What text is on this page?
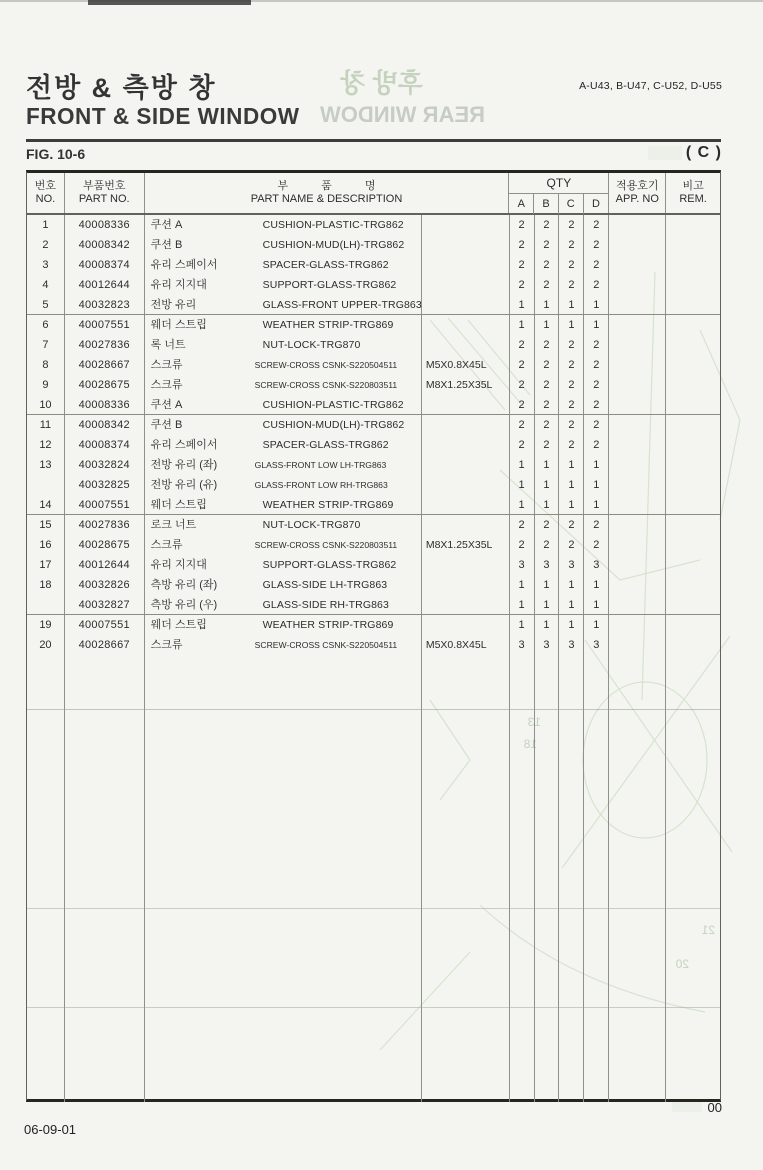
후방 창
REAR WINDOW
21
20
13
18
전방 & 측방 창	A-U43, B-U47, C-U52, D-U55
FRONT & SIDE WINDOW
FIG. 10-6	( C )
번호
NO.
부품번호
PART NO.
부 품 명
PART NAME & DESCRIPTION
QTY
A	B	C	D
적용호기
APP. NO
비고
REM.
1	40008336	쿠션 A	CUSHION-PLASTIC-TRG862	2	2	2	2
2	40008342	쿠션 B	CUSHION-MUD(LH)-TRG862	2	2	2	2
3	40008374	유리 스페이서	SPACER-GLASS-TRG862	2	2	2	2
4	40012644	유리 지지대	SUPPORT-GLASS-TRG862	2	2	2	2
5	40032823	전방 유리	GLASS-FRONT UPPER-TRG863	1	1	1	1
6	40007551	웨더 스트립	WEATHER STRIP-TRG869	1	1	1	1
7	40027836	록 너트	NUT-LOCK-TRG870	2	2	2	2
8	40028667	스크류	SCREW-CROSS CSNK-S220504511	M5X0.8X45L	2	2	2	2
9	40028675	스크류	SCREW-CROSS CSNK-S220803511	M8X1.25X35L	2	2	2	2
10	40008336	쿠션 A	CUSHION-PLASTIC-TRG862	2	2	2	2
11	40008342	쿠션 B	CUSHION-MUD(LH)-TRG862	2	2	2	2
12	40008374	유리 스페이서	SPACER-GLASS-TRG862	2	2	2	2
13	40032824	전방 유리 (좌)	GLASS-FRONT LOW LH-TRG863	1	1	1	1
40032825	전방 유리 (유)	GLASS-FRONT LOW RH-TRG863	1	1	1	1
14	40007551	웨더 스트립	WEATHER STRIP-TRG869	1	1	1	1
15	40027836	로크 너트	NUT-LOCK-TRG870	2	2	2	2
16	40028675	스크류	SCREW-CROSS CSNK-S220803511	M8X1.25X35L	2	2	2	2
17	40012644	유리 지지대	SUPPORT-GLASS-TRG862	3	3	3	3
18	40032826	측방 유리 (좌)	GLASS-SIDE LH-TRG863	1	1	1	1
40032827	측방 유리 (우)	GLASS-SIDE RH-TRG863	1	1	1	1
19	40007551	웨더 스트립	WEATHER STRIP-TRG869	1	1	1	1
20	40028667	스크류	SCREW-CROSS CSNK-S220504511	M5X0.8X45L	3	3	3	3
06-09-01
00
